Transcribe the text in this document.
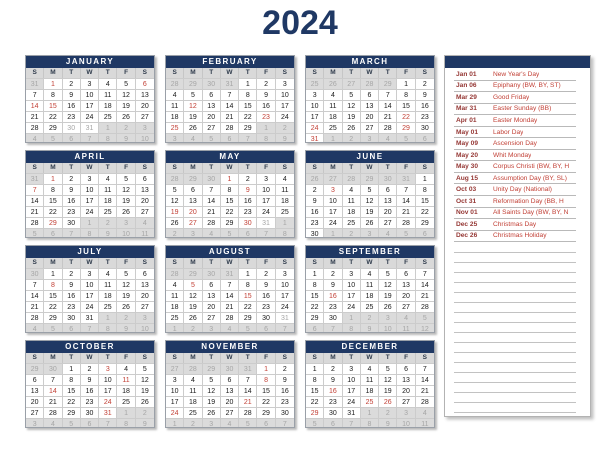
2024
JANUARY
S	M	T	W	T	F	S
31	1	2	3	4	5	6
7	8	9	10	11	12	13
14	15	16	17	18	19	20
21	22	23	24	25	26	27
28	29	30	31	1	2	3
4	5	6	7	8	9	10
FEBRUARY
S	M	T	W	T	F	S
28	29	30	31	1	2	3
4	5	6	7	8	9	10
11	12	13	14	15	16	17
18	19	20	21	22	23	24
25	26	27	28	29	1	2
3	4	5	6	7	8	9
MARCH
S	M	T	W	T	F	S
25	26	27	28	29	1	2
3	4	5	6	7	8	9
10	11	12	13	14	15	16
17	18	19	20	21	22	23
24	25	26	27	28	29	30
31	1	2	3	4	5	6
APRIL
S	M	T	W	T	F	S
31	1	2	3	4	5	6
7	8	9	10	11	12	13
14	15	16	17	18	19	20
21	22	23	24	25	26	27
28	29	30	1	2	3	4
5	6	7	8	9	10	11
MAY
S	M	T	W	T	F	S
28	29	30	1	2	3	4
5	6	7	8	9	10	11
12	13	14	15	16	17	18
19	20	21	22	23	24	25
26	27	28	29	30	31	1
2	3	4	5	6	7	8
JUNE
S	M	T	W	T	F	S
26	27	28	29	30	31	1
2	3	4	5	6	7	8
9	10	11	12	13	14	15
16	17	18	19	20	21	22
23	24	25	26	27	28	29
30	1	2	3	4	5	6
JULY
S	M	T	W	T	F	S
30	1	2	3	4	5	6
7	8	9	10	11	12	13
14	15	16	17	18	19	20
21	22	23	24	25	26	27
28	29	30	31	1	2	3
4	5	6	7	8	9	10
AUGUST
S	M	T	W	T	F	S
28	29	30	31	1	2	3
4	5	6	7	8	9	10
11	12	13	14	15	16	17
18	19	20	21	22	23	24
25	26	27	28	29	30	31
1	2	3	4	5	6	7
SEPTEMBER
S	M	T	W	T	F	S
1	2	3	4	5	6	7
8	9	10	11	12	13	14
15	16	17	18	19	20	21
22	23	24	25	26	27	28
29	30	1	2	3	4	5
6	7	8	9	10	11	12
OCTOBER
S	M	T	W	T	F	S
29	30	1	2	3	4	5
6	7	8	9	10	11	12
13	14	15	16	17	18	19
20	21	22	23	24	25	26
27	28	29	30	31	1	2
3	4	5	6	7	8	9
NOVEMBER
S	M	T	W	T	F	S
27	28	29	30	31	1	2
3	4	5	6	7	8	9
10	11	12	13	14	15	16
17	18	19	20	21	22	23
24	25	26	27	28	29	30
1	2	3	4	5	6	7
DECEMBER
S	M	T	W	T	F	S
1	2	3	4	5	6	7
8	9	10	11	12	13	14
15	16	17	18	19	20	21
22	23	24	25	26	27	28
29	30	31	1	2	3	4
5	6	7	8	9	10	11
Jan 01	New Year's Day
Jan 06	Epiphany (BW, BY, ST)
Mar 29	Good Friday
Mar 31	Easter Sunday (BB)
Apr 01	Easter Monday
May 01	Labor Day
May 09	Ascension Day
May 20	Whit Monday
May 30	Corpus Christi (BW, BY, H
Aug 15	Assumption Day (BY, SL)
Oct 03	Unity Day (National)
Oct 31	Reformation Day (BB, H
Nov 01	All Saints Day (BW, BY, N
Dec 25	Christmas Day
Dec 26	Christmas Holiday
